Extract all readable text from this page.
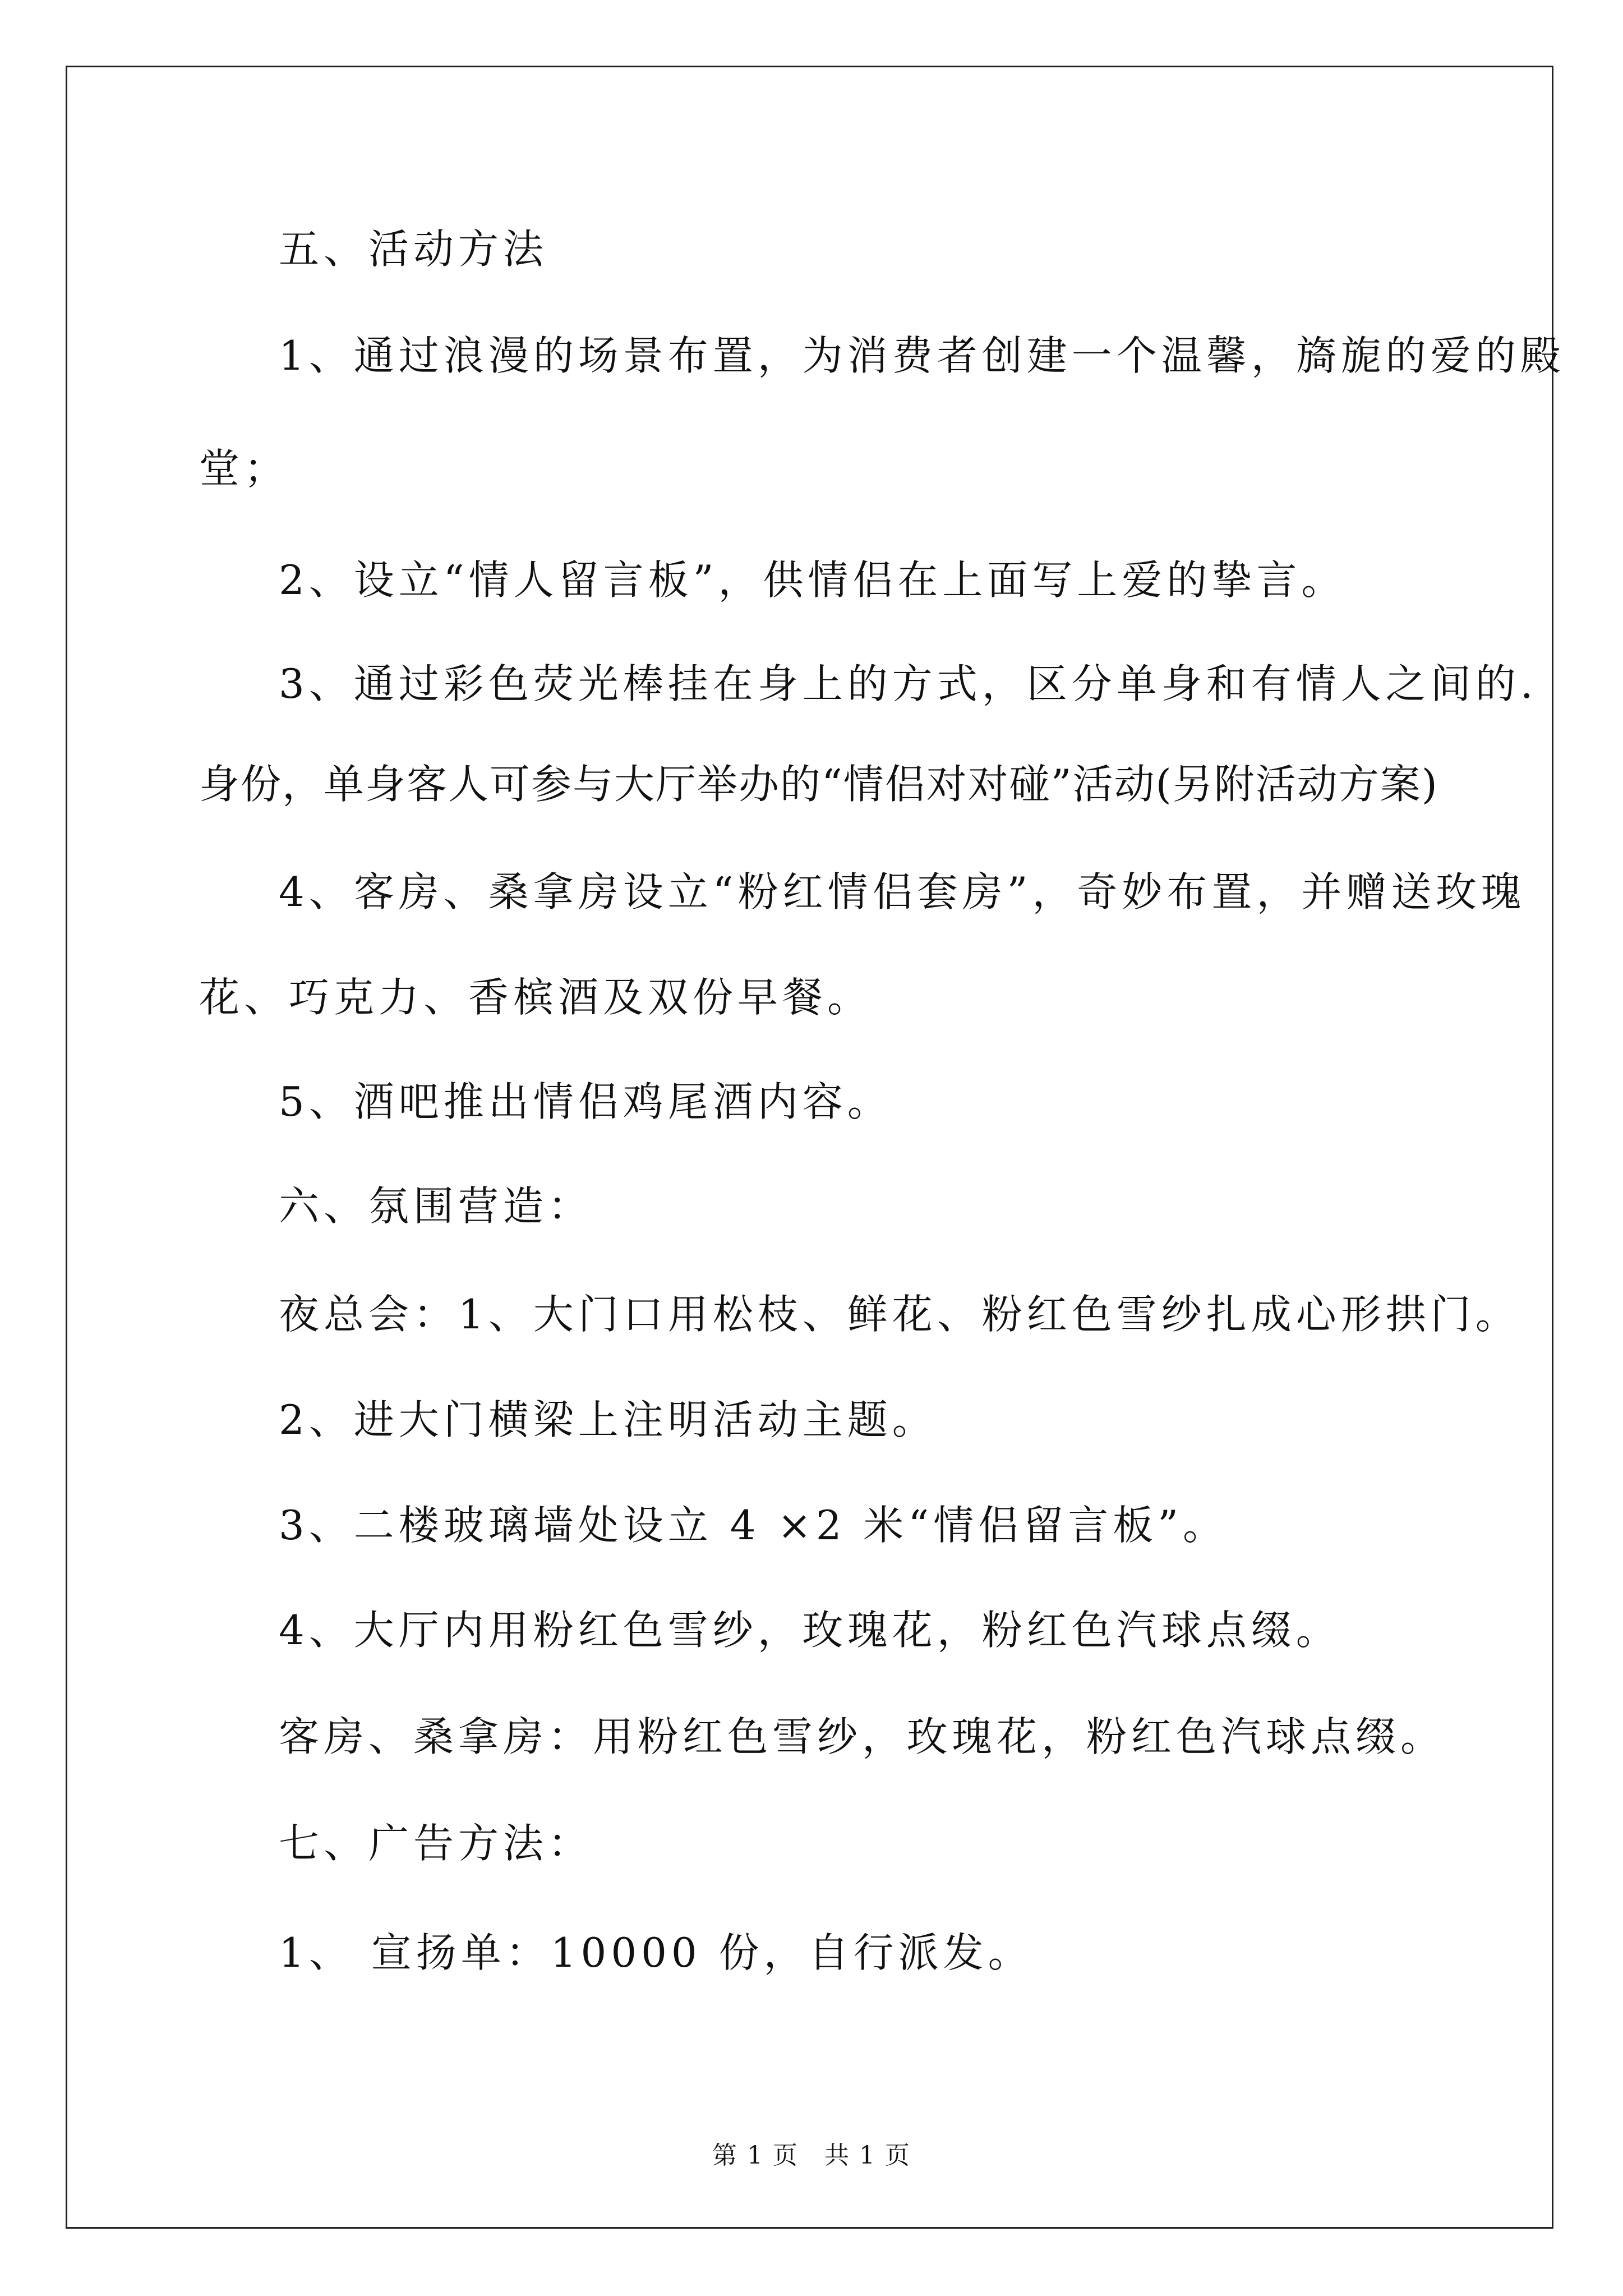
五、活动方法

1、通过浪漫的场景布置，为消费者创建一个温馨，旖旎的爱的殿

堂；

2、设立“情人留言板”，供情侣在上面写上爱的挚言。

3、通过彩色荧光棒挂在身上的方式，区分单身和有情人之间的.

身份，单身客人可参与大厅举办的“情侣对对碰”活动(另附活动方案)

4、客房、桑拿房设立“粉红情侣套房”，奇妙布置，并赠送玫瑰

花、巧克力、香槟酒及双份早餐。

5、酒吧推出情侣鸡尾酒内容。

六、氛围营造：

夜总会：1、大门口用松枝、鲜花、粉红色雪纱扎成心形拱门。

2、进大门横梁上注明活动主题。

3、二楼玻璃墙处设立 4 ×2 米“情侣留言板”。

4、大厅内用粉红色雪纱，玫瑰花，粉红色汽球点缀。

客房、桑拿房：用粉红色雪纱，玫瑰花，粉红色汽球点缀。

七、广告方法：

1、 宣扬单：10000 份，自行派发。

第 1 页　共 1 页
